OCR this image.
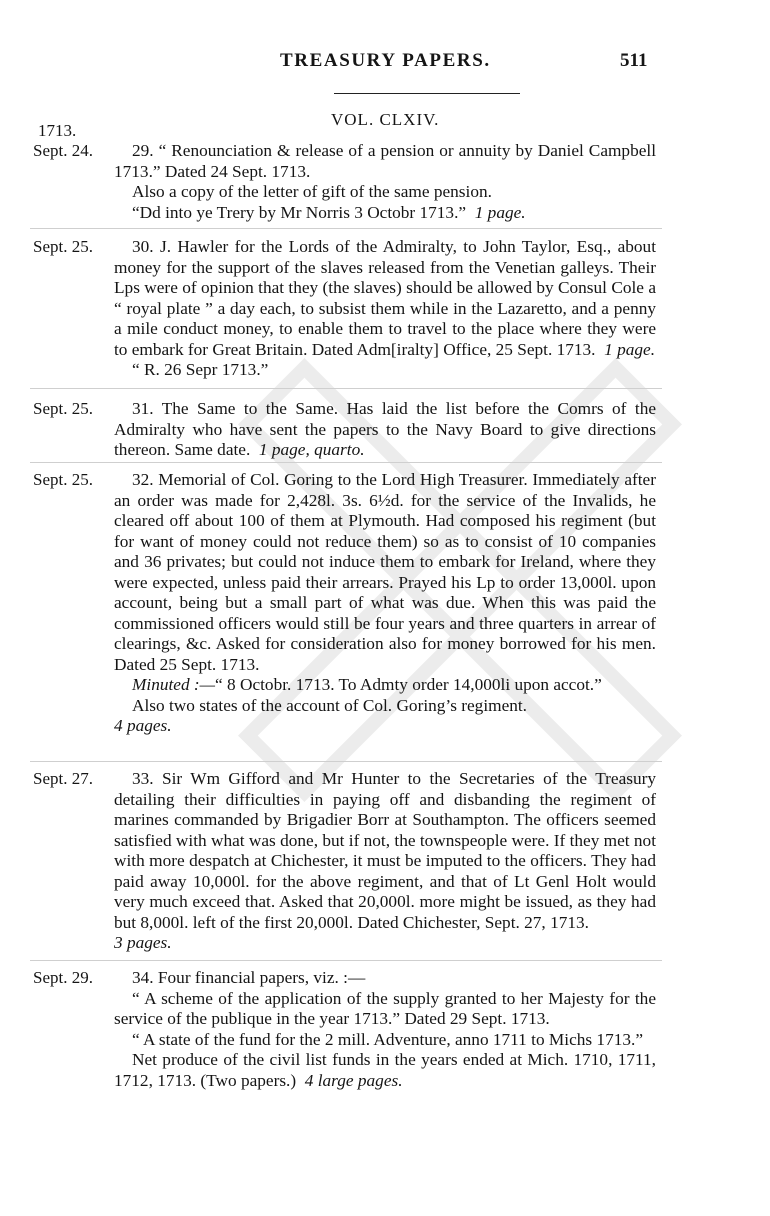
TREASURY PAPERS.	511
VOL. CLXIV.
1713.
Sept. 24.	29. “ Renounciation & release of a pension or annuity by Daniel Campbell 1713.” Dated 24 Sept. 1713.

Also a copy of the letter of gift of the same pension.

“Dd into ye Trery by Mr Norris 3 Octobr 1713.” 1 page.

Sept. 25.	30. J. Hawler for the Lords of the Admiralty, to John Taylor, Esq., about money for the support of the slaves released from the Venetian galleys. Their Lps were of opinion that they (the slaves) should be allowed by Consul Cole a “ royal plate ” a day each, to subsist them while in the Lazaretto, and a penny a mile conduct money, to enable them to travel to the place where they were to embark for Great Britain. Dated Adm[iralty] Office, 25 Sept. 1713. 1 page.

“ R. 26 Sepr 1713.”

Sept. 25.	31. The Same to the Same. Has laid the list before the Comrs of the Admiralty who have sent the papers to the Navy Board to give directions thereon. Same date. 1 page, quarto.

Sept. 25.	32. Memorial of Col. Goring to the Lord High Treasurer. Immediately after an order was made for 2,428l. 3s. 6½d. for the service of the Invalids, he cleared off about 100 of them at Plymouth. Had composed his regiment (but for want of money could not reduce them) so as to consist of 10 companies and 36 privates; but could not induce them to embark for Ireland, where they were expected, unless paid their arrears. Prayed his Lp to order 13,000l. upon account, being but a small part of what was due. When this was paid the commissioned officers would still be four years and three quarters in arrear of clearings, &c. Asked for consideration also for money borrowed for his men. Dated 25 Sept. 1713.

Minuted :—“ 8 Octobr. 1713. To Admty order 14,000li upon accot.”

Also two states of the account of Col. Goring’s regiment.

4 pages.

Sept. 27.	33. Sir Wm Gifford and Mr Hunter to the Secretaries of the Treasury detailing their difficulties in paying off and disbanding the regiment of marines commanded by Brigadier Borr at Southampton. The officers seemed satisfied with what was done, but if not, the townspeople were. If they met not with more despatch at Chichester, it must be imputed to the officers. They had paid away 10,000l. for the above regiment, and that of Lt Genl Holt would very much exceed that. Asked that 20,000l. more might be issued, as they had but 8,000l. left of the first 20,000l. Dated Chichester, Sept. 27, 1713.

3 pages.

Sept. 29.	34. Four financial papers, viz. :—

“ A scheme of the application of the supply granted to her Majesty for the service of the publique in the year 1713.” Dated 29 Sept. 1713.

“ A state of the fund for the 2 mill. Adventure, anno 1711 to Michs 1713.”

Net produce of the civil list funds in the years ended at Mich. 1710, 1711, 1712, 1713. (Two papers.) 4 large pages.
